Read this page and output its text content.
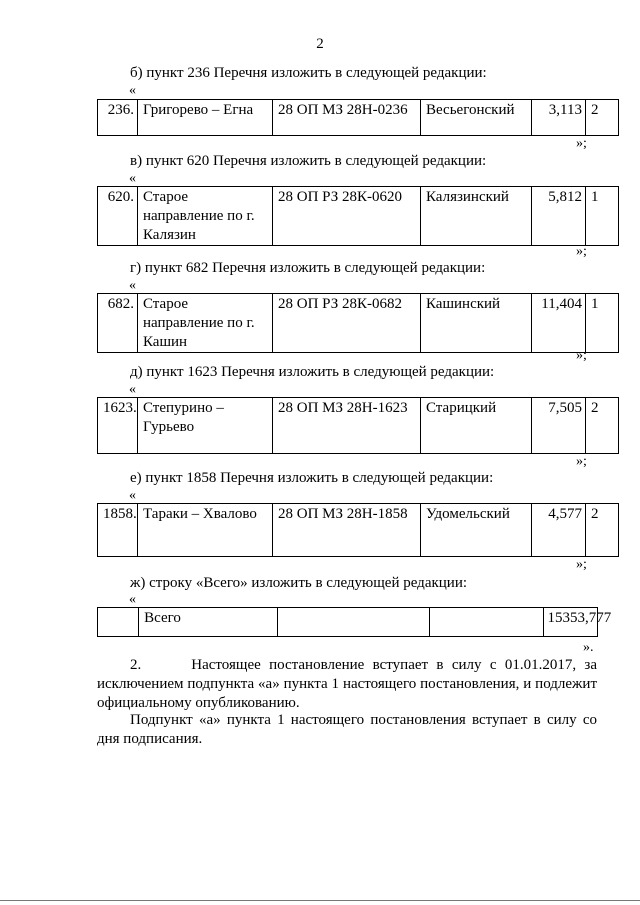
2
б) пункт 236 Перечня изложить в следующей редакции:
«
236.	Григорево – Егна	28 ОП МЗ 28Н-0236	Весьегонский	3,113	2
»;
в) пункт 620 Перечня изложить в следующей редакции:
«
620.	Старое направление по г. Калязин	28 ОП РЗ 28К-0620	Калязинский	5,812	1
»;
г) пункт 682 Перечня изложить в следующей редакции:
«
682.	Старое направление по г. Кашин	28 ОП РЗ 28К-0682	Кашинский	11,404	1
»;
д) пункт 1623 Перечня изложить в следующей редакции:
«
1623.	Степурино – Гурьево	28 ОП МЗ 28Н-1623	Старицкий	7,505	2
»;
е) пункт 1858 Перечня изложить в следующей редакции:
«
1858.	Тараки – Хвалово	28 ОП МЗ 28Н-1858	Удомельский	4,577	2
»;
ж) строку «Всего» изложить в следующей редакции:
«
	Всего			15353,777
».
2.      Настоящее постановление вступает в силу с 01.01.2017, за исключением подпункта «а» пункта 1 настоящего постановления, и подлежит официальному опубликованию.
Подпункт «а» пункта 1 настоящего постановления вступает в силу со дня подписания.
